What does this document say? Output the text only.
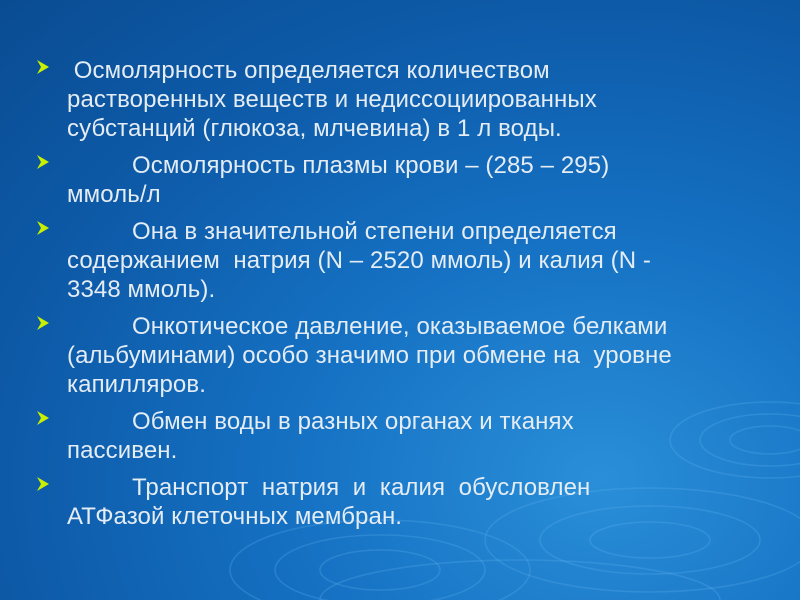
Осмолярность определяется количеством
растворенных веществ и недиссоциированных
субстанций (глюкоза, млчевина) в 1 л воды.
Осмолярность плазмы крови – (285 – 295)
ммоль/л
Она в значительной степени определяется
содержанием  натрия (N – 2520 ммоль) и калия (N -
3348 ммоль).
Онкотическое давление, оказываемое белками
(альбуминами) особо значимо при обмене на  уровне
капилляров.
Обмен воды в разных органах и тканях
пассивен.
Транспорт  натрия  и  калия  обусловлен
АТФазой клеточных мембран.
